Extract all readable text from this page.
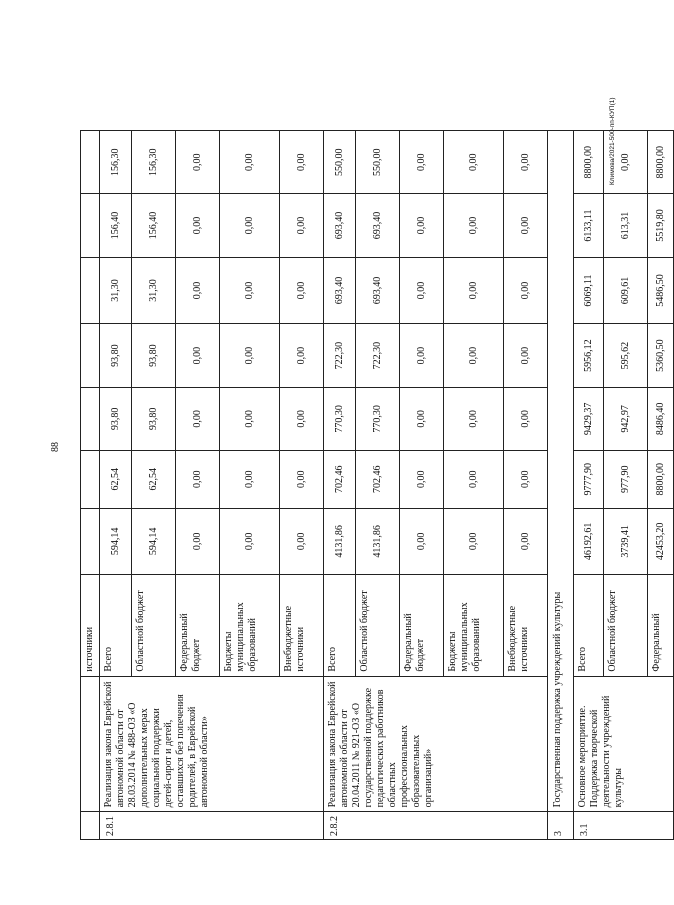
88
Климова/2021-500-пп-КУП(1)
		источники							
2.8.1	Реализация закона Еврейской автономной области от 28.03.2014 № 488-ОЗ «О дополнительных мерах социальной поддержки детей-сирот и детей, оставшихся без попечения родителей, в Еврейской автономной области»	Всего	594,14	62,54	93,80	93,80	31,30	156,40	156,30
		Областной бюджет	594,14	62,54	93,80	93,80	31,30	156,40	156,30
		Федеральный бюджет	0,00	0,00	0,00	0,00	0,00	0,00	0,00
		Бюджеты муниципальных образований	0,00	0,00	0,00	0,00	0,00	0,00	0,00
		Внебюджетные источники	0,00	0,00	0,00	0,00	0,00	0,00	0,00
2.8.2	Реализация закона Еврейской автономной области от 20.04.2011 № 921-ОЗ «О государственной поддержке педагогических работников областных профессиональных образовательных организаций»	Всего	4131,86	702,46	770,30	722,30	693,40	693,40	550,00
		Областной бюджет	4131,86	702,46	770,30	722,30	693,40	693,40	550,00
		Федеральный бюджет	0,00	0,00	0,00	0,00	0,00	0,00	0,00
		Бюджеты муниципальных образований	0,00	0,00	0,00	0,00	0,00	0,00	0,00
		Внебюджетные источники	0,00	0,00	0,00	0,00	0,00	0,00	0,00
3	Государственная поддержка учреждений культуры								
3.1	Основное мероприятие. Поддержка творческой деятельности учреждений культуры	Всего	46192,61	9777,90	9429,37	5956,12	6069,11	6133,11	8800,00
		Областной бюджет	3739,41	977,90	942,97	595,62	609,61	613,31	0,00
		Федеральный	42453,20	8800,00	8486,40	5360,50	5486,50	5519,80	8800,00
